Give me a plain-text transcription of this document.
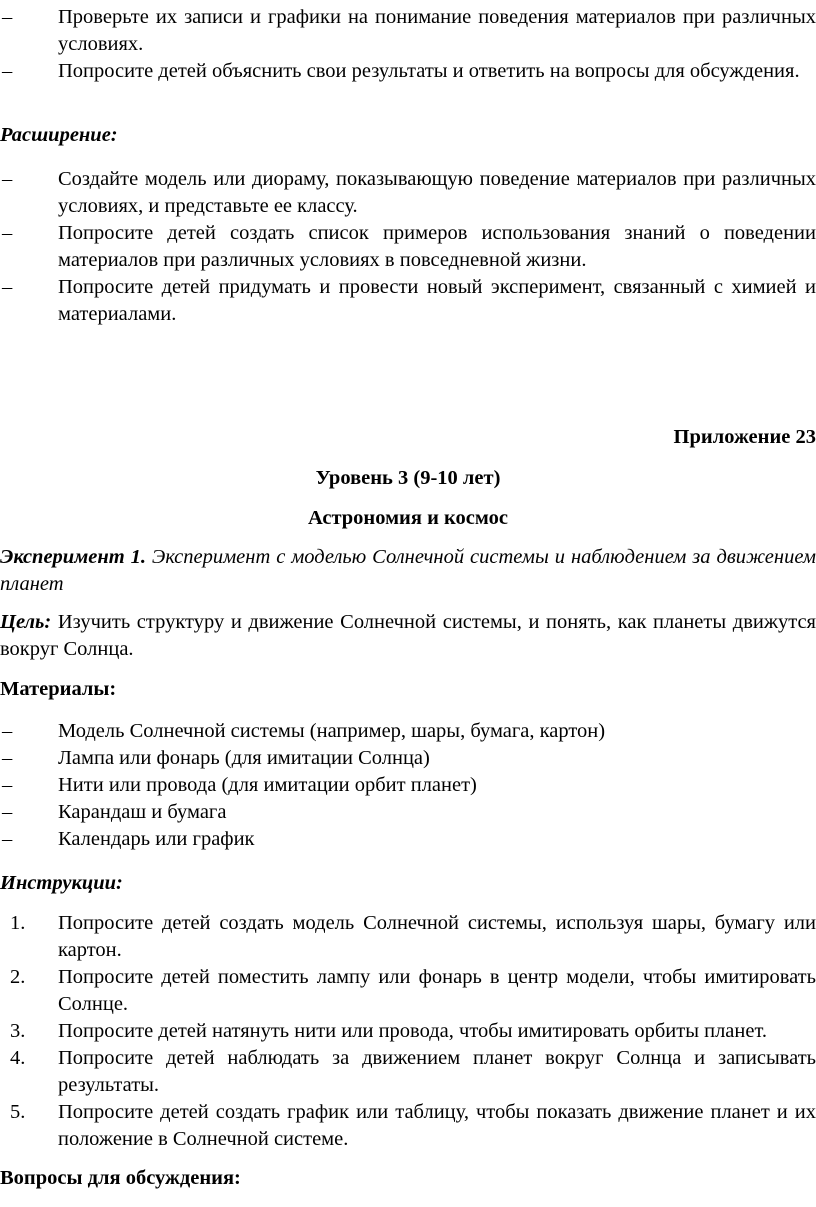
–	Проверьте их записи и графики на понимание поведения материалов при различных условиях.
–	Попросите детей объяснить свои результаты и ответить на вопросы для обсуждения.
Расширение:
–	Создайте модель или диораму, показывающую поведение материалов при различных условиях, и представьте ее классу.
–	Попросите детей создать список примеров использования знаний о поведении материалов при различных условиях в повседневной жизни.
–	Попросите детей придумать и провести новый эксперимент, связанный с химией и материалами.
Приложение 23
Уровень 3 (9-10 лет)
Астрономия и космос
Эксперимент 1. Эксперимент с моделью Солнечной системы и наблюдением за движением планет
Цель: Изучить структуру и движение Солнечной системы, и понять, как планеты движутся вокруг Солнца.
Материалы:
–	Модель Солнечной системы (например, шары, бумага, картон)
–	Лампа или фонарь (для имитации Солнца)
–	Нити или провода (для имитации орбит планет)
–	Карандаш и бумага
–	Календарь или график
Инструкции:
1. Попросите детей создать модель Солнечной системы, используя шары, бумагу или картон.
2. Попросите детей поместить лампу или фонарь в центр модели, чтобы имитировать Солнце.
3. Попросите детей натянуть нити или провода, чтобы имитировать орбиты планет.
4. Попросите детей наблюдать за движением планет вокруг Солнца и записывать результаты.
5. Попросите детей создать график или таблицу, чтобы показать движение планет и их положение в Солнечной системе.
Вопросы для обсуждения:
